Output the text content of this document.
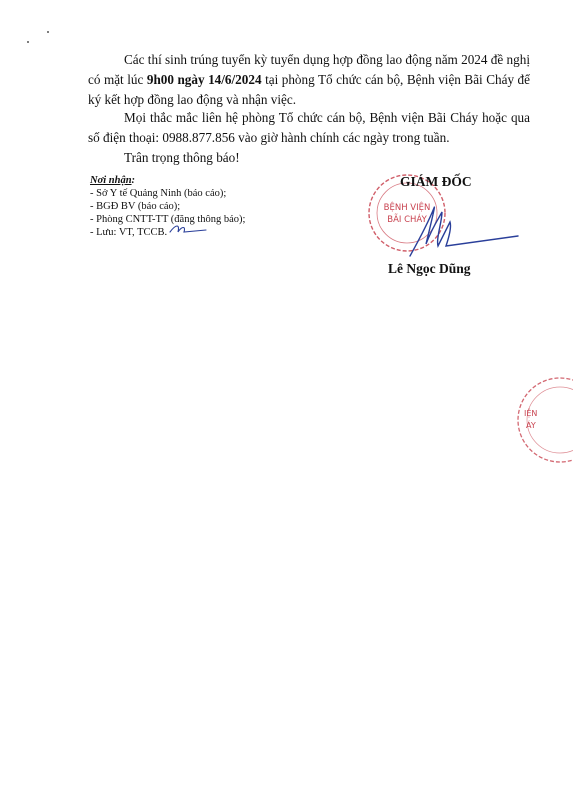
Các thí sinh trúng tuyển kỳ tuyển dụng hợp đồng lao động năm 2024 đề nghị có mặt lúc 9h00 ngày 14/6/2024 tại phòng Tổ chức cán bộ, Bệnh viện Bãi Cháy để ký kết hợp đồng lao động và nhận việc.

Mọi thắc mắc liên hệ phòng Tổ chức cán bộ, Bệnh viện Bãi Cháy hoặc qua số điện thoại: 0988.877.856 vào giờ hành chính các ngày trong tuần.

Trân trọng thông báo!

Nơi nhận:
- Sở Y tế Quảng Ninh (báo cáo);
- BGĐ BV (báo cáo);
- Phòng CNTT-TT (đăng thông báo);
- Lưu: VT, TCCB.
BỆNH VIỆN
BÃI CHÁY
GIÁM ĐỐC
Lê Ngọc Dũng
IỆN
ÁY
